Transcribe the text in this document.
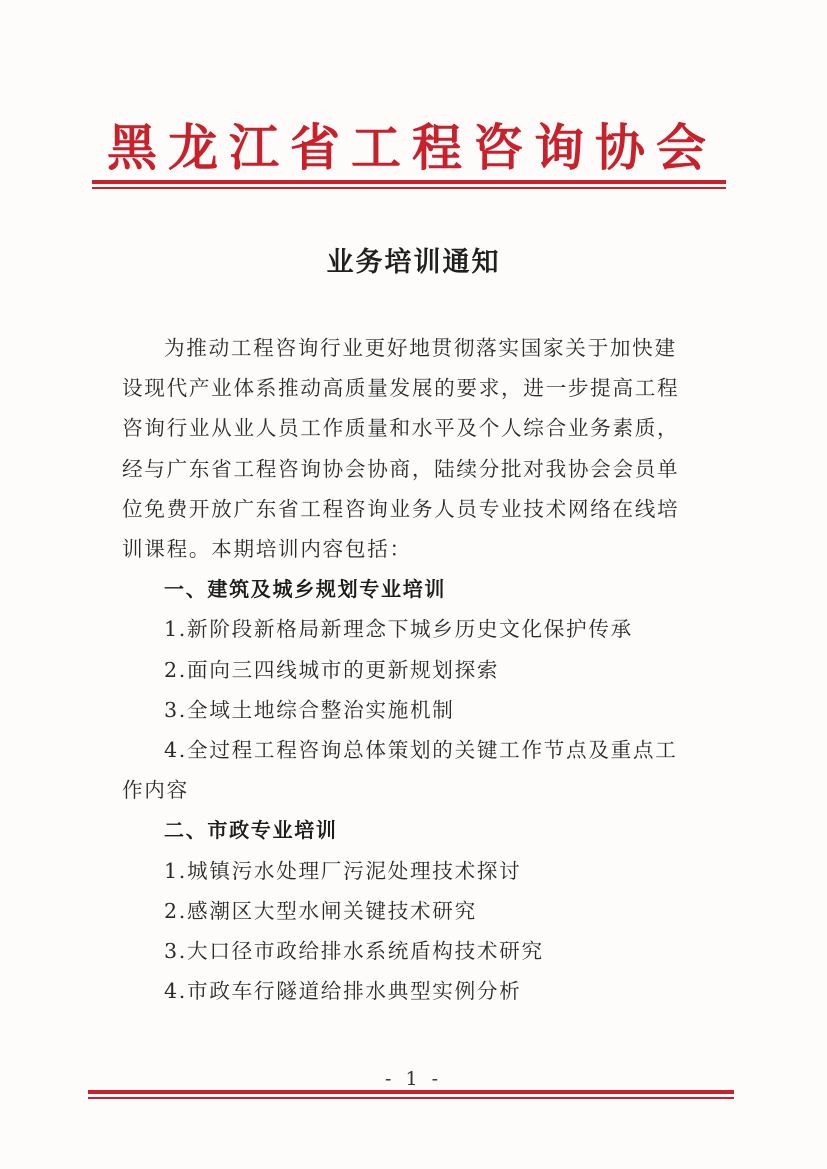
黑龙江省工程咨询协会
业务培训通知

为推动工程咨询行业更好地贯彻落实国家关于加快建设现代产业体系推动高质量发展的要求，进一步提高工程咨询行业从业人员工作质量和水平及个人综合业务素质，经与广东省工程咨询协会协商，陆续分批对我协会会员单位免费开放广东省工程咨询业务人员专业技术网络在线培训课程。本期培训内容包括：

一、建筑及城乡规划专业培训

1.新阶段新格局新理念下城乡历史文化保护传承

2.面向三四线城市的更新规划探索

3.全域土地综合整治实施机制

4.全过程工程咨询总体策划的关键工作节点及重点工作内容

二、市政专业培训

1.城镇污水处理厂污泥处理技术探讨

2.感潮区大型水闸关键技术研究

3.大口径市政给排水系统盾构技术研究

4.市政车行隧道给排水典型实例分析

- 1 -
